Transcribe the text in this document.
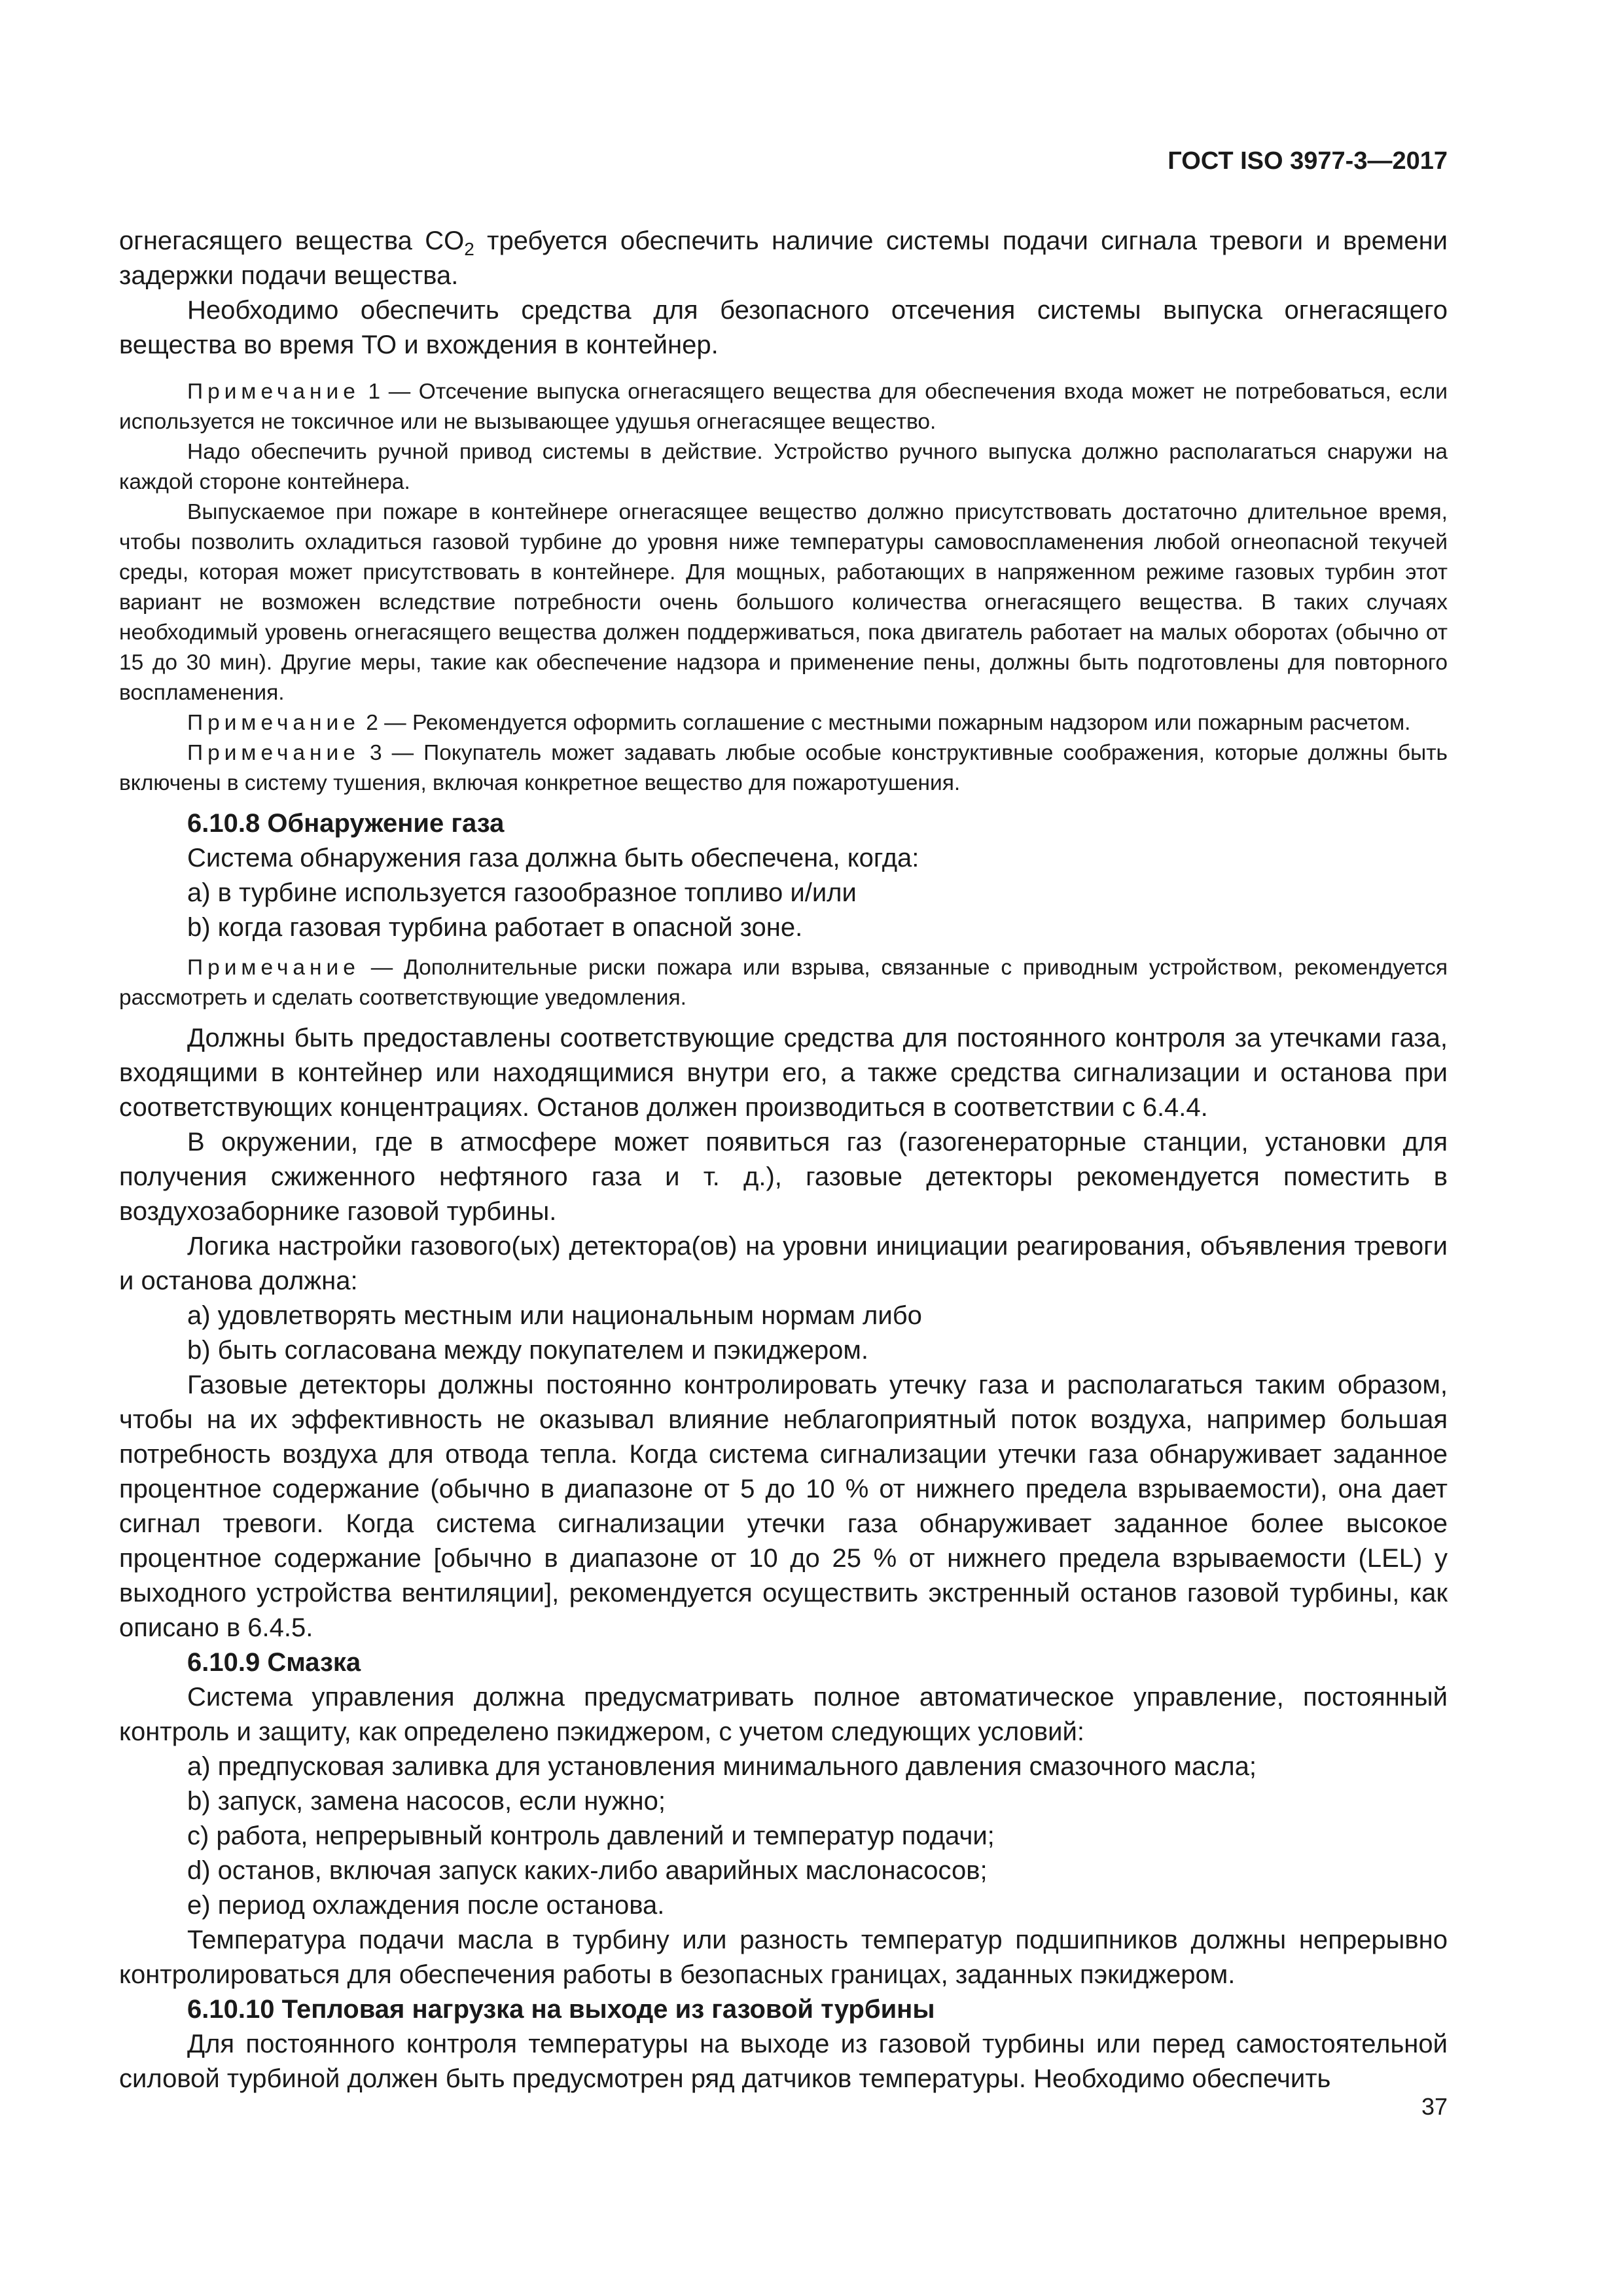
ГОСТ ISO 3977-3—2017

огнегасящего вещества $CO_2$ требуется обеспечить наличие системы подачи сигнала тревоги и времени задержки подачи вещества.

Необходимо обеспечить средства для безопасного отсечения системы выпуска огнегасящего вещества во время ТО и вхождения в контейнер.

Примечание 1 — Отсечение выпуска огнегасящего вещества для обеспечения входа может не потребоваться, если используется не токсичное или не вызывающее удушья огнегасящее вещество.

Надо обеспечить ручной привод системы в действие. Устройство ручного выпуска должно располагаться снаружи на каждой стороне контейнера.

Выпускаемое при пожаре в контейнере огнегасящее вещество должно присутствовать достаточно длительное время, чтобы позволить охладиться газовой турбине до уровня ниже температуры самовоспламенения любой огнеопасной текучей среды, которая может присутствовать в контейнере. Для мощных, работающих в напряженном режиме газовых турбин этот вариант не возможен вследствие потребности очень большого количества огнегасящего вещества. В таких случаях необходимый уровень огнегасящего вещества должен поддерживаться, пока двигатель работает на малых оборотах (обычно от 15 до 30 мин). Другие меры, такие как обеспечение надзора и применение пены, должны быть подготовлены для повторного воспламенения.

Примечание 2 — Рекомендуется оформить соглашение с местными пожарным надзором или пожарным расчетом.

Примечание 3 — Покупатель может задавать любые особые конструктивные соображения, которые должны быть включены в систему тушения, включая конкретное вещество для пожаротушения.

6.10.8 Обнаружение газа

Система обнаружения газа должна быть обеспечена, когда:

a) в турбине используется газообразное топливо и/или

b) когда газовая турбина работает в опасной зоне.

Примечание — Дополнительные риски пожара или взрыва, связанные с приводным устройством, рекомендуется рассмотреть и сделать соответствующие уведомления.

Должны быть предоставлены соответствующие средства для постоянного контроля за утечками газа, входящими в контейнер или находящимися внутри его, а также средства сигнализации и останова при соответствующих концентрациях. Останов должен производиться в соответствии с 6.4.4.

В окружении, где в атмосфере может появиться газ (газогенераторные станции, установки для получения сжиженного нефтяного газа и т. д.), газовые детекторы рекомендуется поместить в воздухозаборнике газовой турбины.

Логика настройки газового(ых) детектора(ов) на уровни инициации реагирования, объявления тревоги и останова должна:

a) удовлетворять местным или национальным нормам либо

b) быть согласована между покупателем и пэкиджером.

Газовые детекторы должны постоянно контролировать утечку газа и располагаться таким образом, чтобы на их эффективность не оказывал влияние неблагоприятный поток воздуха, например большая потребность воздуха для отвода тепла. Когда система сигнализации утечки газа обнаруживает заданное процентное содержание (обычно в диапазоне от 5 до 10 % от нижнего предела взрываемости), она дает сигнал тревоги. Когда система сигнализации утечки газа обнаруживает заданное более высокое процентное содержание [обычно в диапазоне от 10 до 25 % от нижнего предела взрываемости (LEL) у выходного устройства вентиляции], рекомендуется осуществить экстренный останов газовой турбины, как описано в 6.4.5.

6.10.9 Смазка

Система управления должна предусматривать полное автоматическое управление, постоянный контроль и защиту, как определено пэкиджером, с учетом следующих условий:

a) предпусковая заливка для установления минимального давления смазочного масла;

b) запуск, замена насосов, если нужно;

c) работа, непрерывный контроль давлений и температур подачи;

d) останов, включая запуск каких-либо аварийных маслонасосов;

e) период охлаждения после останова.

Температура подачи масла в турбину или разность температур подшипников должны непрерывно контролироваться для обеспечения работы в безопасных границах, заданных пэкиджером.

6.10.10 Тепловая нагрузка на выходе из газовой турбины

Для постоянного контроля температуры на выходе из газовой турбины или перед самостоятельной силовой турбиной должен быть предусмотрен ряд датчиков температуры. Необходимо обеспечить

37
